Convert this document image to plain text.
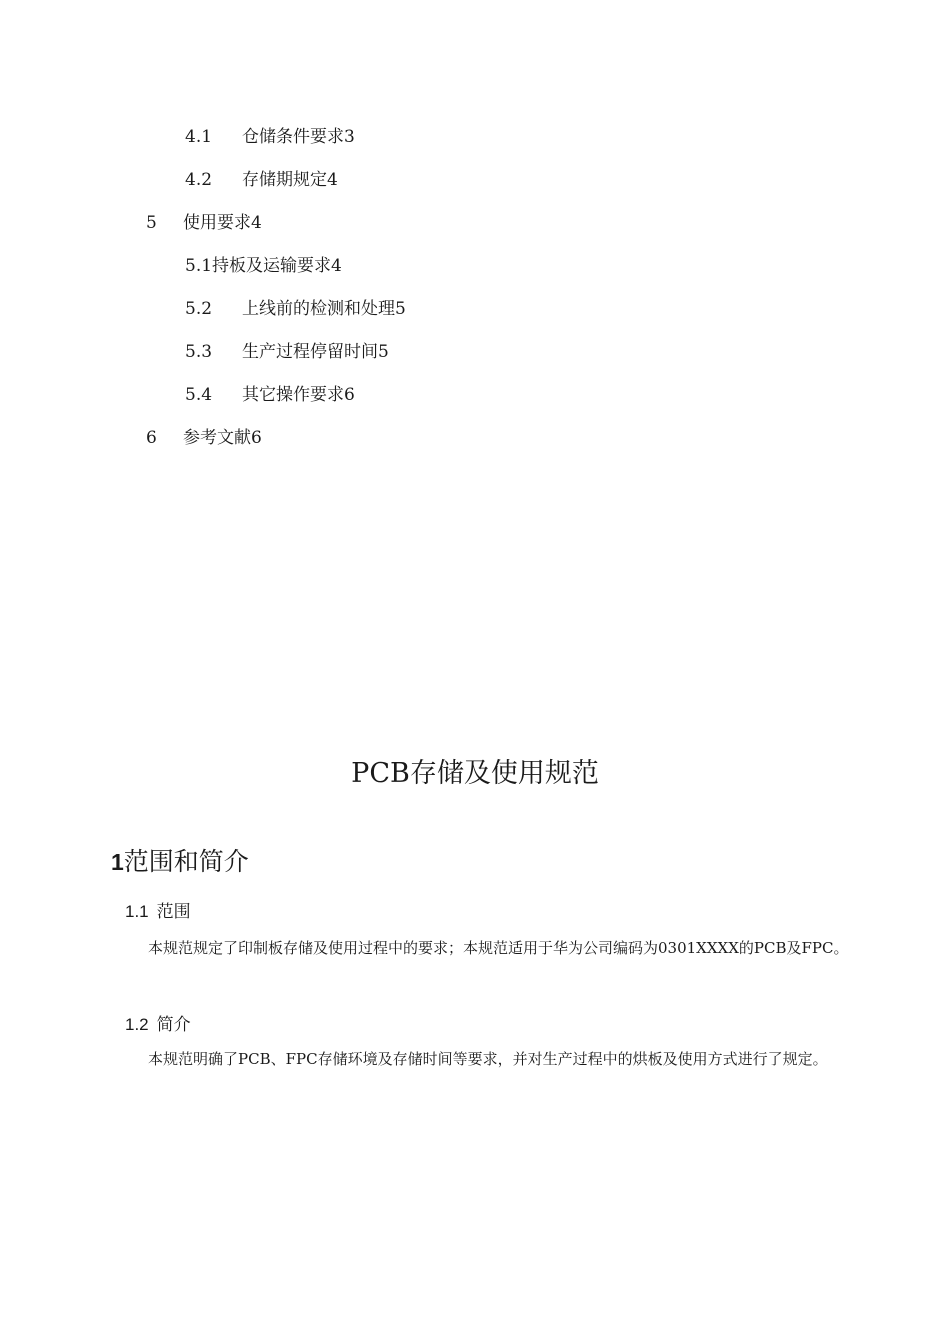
4.1 仓储条件要求3
4.2 存储期规定4
5 使用要求4
5.1持板及运输要求4
5.2 上线前的检测和处理5
5.3 生产过程停留时间5
5.4 其它操作要求6
6 参考文献6
PCB存储及使用规范
1范围和简介
1.1 范围
本规范规定了印制板存储及使用过程中的要求；本规范适用于华为公司编码为0301XXXX的PCB及FPC。
1.2 简介
本规范明确了PCB、FPC存储环境及存储时间等要求，并对生产过程中的烘板及使用方式进行了规定。
